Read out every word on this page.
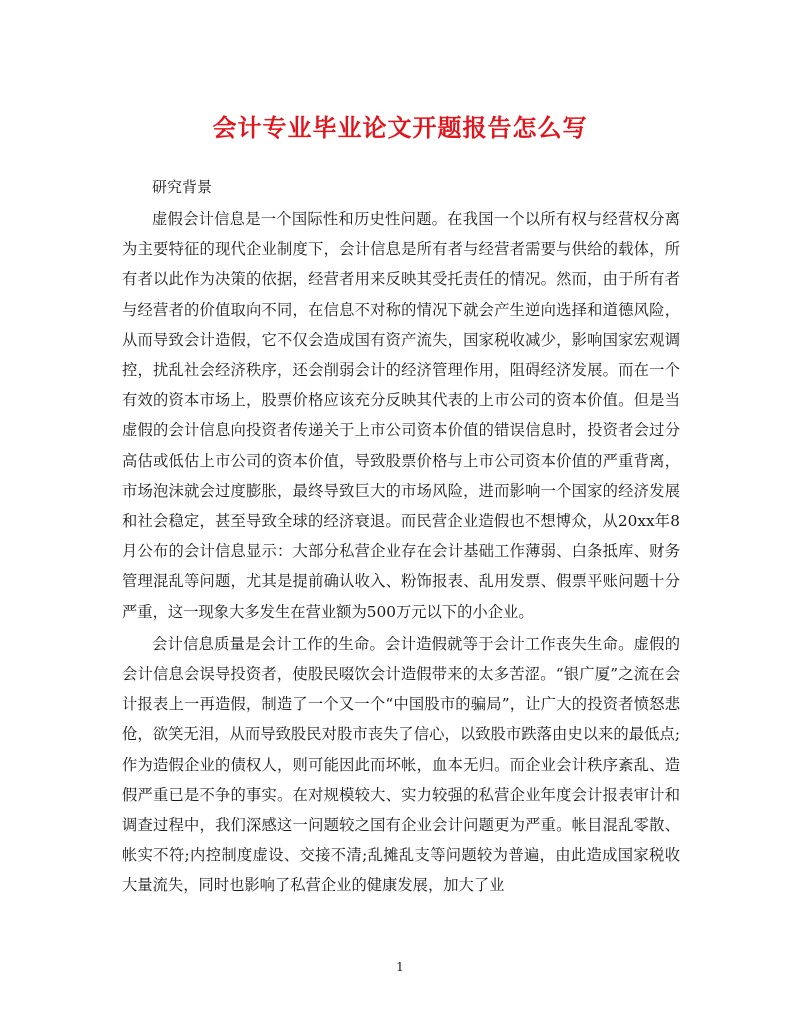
会计专业毕业论文开题报告怎么写

研究背景

虚假会计信息是一个国际性和历史性问题。在我国一个以所有权与经营权分离为主要特征的现代企业制度下，会计信息是所有者与经营者需要与供给的载体，所有者以此作为决策的依据，经营者用来反映其受托责任的情况。然而，由于所有者与经营者的价值取向不同，在信息不对称的情况下就会产生逆向选择和道德风险，从而导致会计造假，它不仅会造成国有资产流失，国家税收减少，影响国家宏观调控，扰乱社会经济秩序，还会削弱会计的经济管理作用，阻碍经济发展。而在一个有效的资本市场上，股票价格应该充分反映其代表的上市公司的资本价值。但是当虚假的会计信息向投资者传递关于上市公司资本价值的错误信息时，投资者会过分高估或低估上市公司的资本价值，导致股票价格与上市公司资本价值的严重背离，市场泡沫就会过度膨胀，最终导致巨大的市场风险，进而影响一个国家的经济发展和社会稳定，甚至导致全球的经济衰退。而民营企业造假也不想博众，从20xx年8月公布的会计信息显示：大部分私营企业存在会计基础工作薄弱、白条抵库、财务管理混乱等问题，尤其是提前确认收入、粉饰报表、乱用发票、假票平账问题十分严重，这一现象大多发生在营业额为500万元以下的小企业。

会计信息质量是会计工作的生命。会计造假就等于会计工作丧失生命。虚假的会计信息会误导投资者，使股民啜饮会计造假带来的太多苦涩。“银广厦”之流在会计报表上一再造假，制造了一个又一个“中国股市的骗局”，让广大的投资者愤怒悲伧，欲笑无泪，从而导致股民对股市丧失了信心，以致股市跌落由史以来的最低点;作为造假企业的债权人，则可能因此而坏帐，血本无归。而企业会计秩序紊乱、造假严重已是不争的事实。在对规模较大、实力较强的私营企业年度会计报表审计和调查过程中，我们深感这一问题较之国有企业会计问题更为严重。帐目混乱零散、帐实不符;内控制度虚设、交接不清;乱摊乱支等问题较为普遍，由此造成国家税收大量流失，同时也影响了私营企业的健康发展，加大了业

1
